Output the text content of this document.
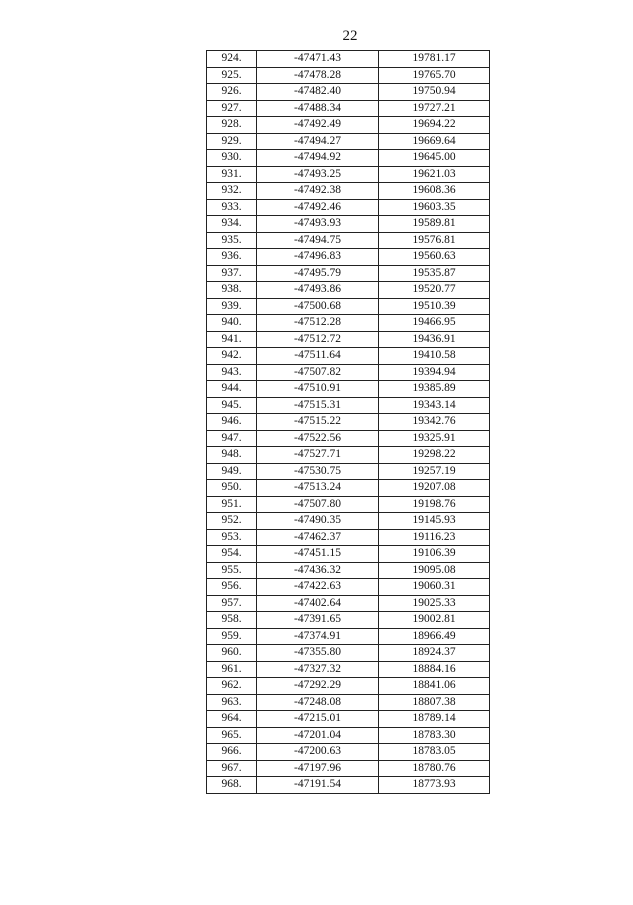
22
924.	-47471.43	19781.17
925.	-47478.28	19765.70
926.	-47482.40	19750.94
927.	-47488.34	19727.21
928.	-47492.49	19694.22
929.	-47494.27	19669.64
930.	-47494.92	19645.00
931.	-47493.25	19621.03
932.	-47492.38	19608.36
933.	-47492.46	19603.35
934.	-47493.93	19589.81
935.	-47494.75	19576.81
936.	-47496.83	19560.63
937.	-47495.79	19535.87
938.	-47493.86	19520.77
939.	-47500.68	19510.39
940.	-47512.28	19466.95
941.	-47512.72	19436.91
942.	-47511.64	19410.58
943.	-47507.82	19394.94
944.	-47510.91	19385.89
945.	-47515.31	19343.14
946.	-47515.22	19342.76
947.	-47522.56	19325.91
948.	-47527.71	19298.22
949.	-47530.75	19257.19
950.	-47513.24	19207.08
951.	-47507.80	19198.76
952.	-47490.35	19145.93
953.	-47462.37	19116.23
954.	-47451.15	19106.39
955.	-47436.32	19095.08
956.	-47422.63	19060.31
957.	-47402.64	19025.33
958.	-47391.65	19002.81
959.	-47374.91	18966.49
960.	-47355.80	18924.37
961.	-47327.32	18884.16
962.	-47292.29	18841.06
963.	-47248.08	18807.38
964.	-47215.01	18789.14
965.	-47201.04	18783.30
966.	-47200.63	18783.05
967.	-47197.96	18780.76
968.	-47191.54	18773.93
